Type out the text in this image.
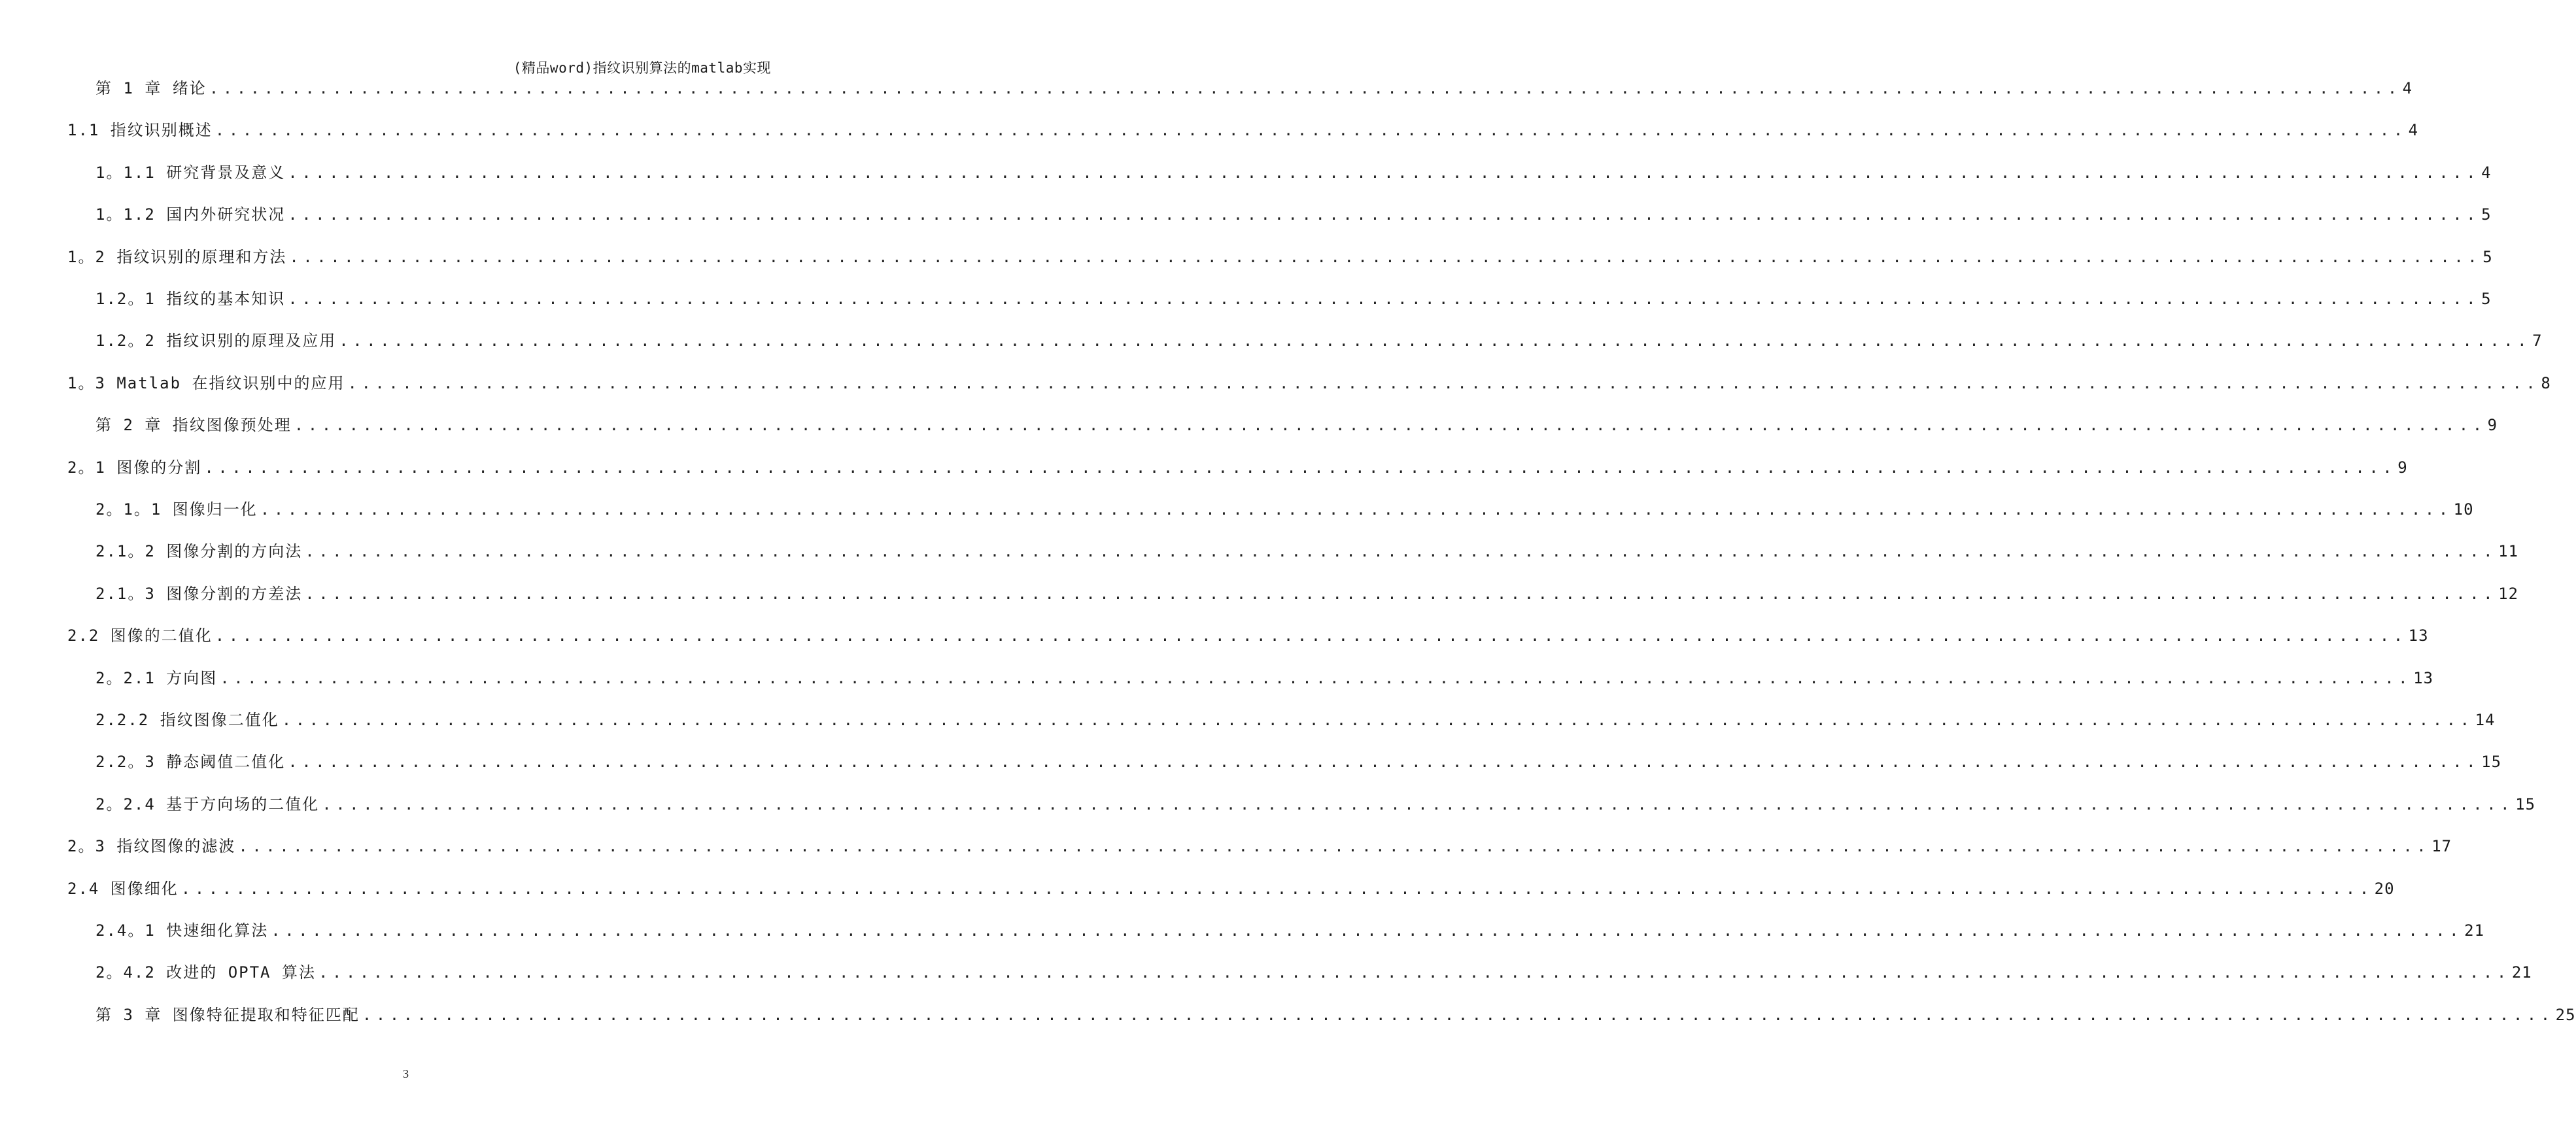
(精品word)指纹识别算法的matlab实现
第 1 章 绪论 ................................................................................................................................................................ 4
1.1 指纹识别概述 ................................................................................................................................................................ 4
1。1.1 研究背景及意义 ................................................................................................................................................................ 4
1。1.2 国内外研究状况 ................................................................................................................................................................ 5
1。2 指纹识别的原理和方法 ................................................................................................................................................................ 5
1.2。1 指纹的基本知识 ................................................................................................................................................................ 5
1.2。2 指纹识别的原理及应用 ................................................................................................................................................................ 7
1。3 Matlab 在指纹识别中的应用 ................................................................................................................................................................ 8
第 2 章 指纹图像预处理 ................................................................................................................................................................ 9
2。1 图像的分割 ................................................................................................................................................................ 9
2。1。1 图像归一化 ................................................................................................................................................................ 10
2.1。2 图像分割的方向法 ................................................................................................................................................................ 11
2.1。3 图像分割的方差法 ................................................................................................................................................................ 12
2.2 图像的二值化 ................................................................................................................................................................ 13
2。2.1 方向图 ................................................................................................................................................................ 13
2.2.2 指纹图像二值化 ................................................................................................................................................................ 14
2.2。3 静态阈值二值化 ................................................................................................................................................................ 15
2。2.4 基于方向场的二值化 ................................................................................................................................................................ 15
2。3 指纹图像的滤波 ................................................................................................................................................................ 17
2.4 图像细化 ................................................................................................................................................................ 20
2.4。1 快速细化算法 ................................................................................................................................................................ 21
2。4.2 改进的 OPTA 算法 ................................................................................................................................................................ 21
第 3 章 图像特征提取和特征匹配 ................................................................................................................................................................ 25
3
